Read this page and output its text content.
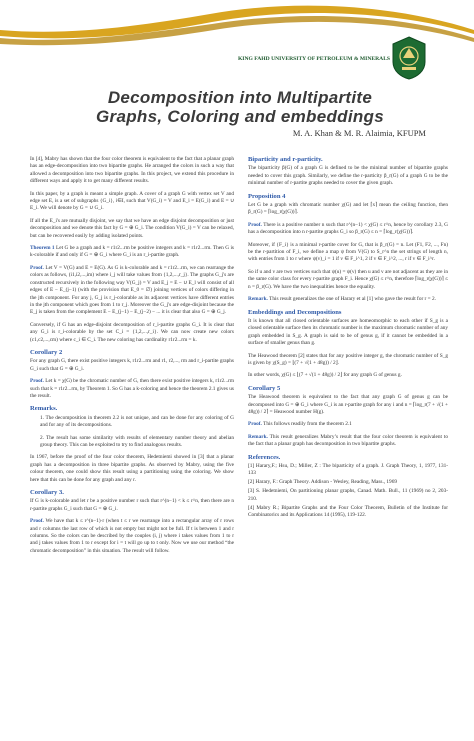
KING FAHD UNIVERSITY OF PETROLEUM & MINERALS
Decomposition into Multipartite
Graphs, Coloring and embeddings
M. A. Khan & M. R. Alaimia, KFUPM

In [4], Mabry has shown that the four color theorem is equivalent to the fact that a planar graph has an edge-decomposition into two bipartite graphs. He arranged the colors in such a way that allowed a decomposition into two bipartite graphs. In this project, we extend this procedure in different ways and apply it to get many different results.

In this paper, by a graph is meant a simple graph. A cover of a graph G with vertex set V and edge set E, is a set of subgraphs {G_i}, i∈I, such that V(G_i) = V and E_i = E(G_i) and E = ∪ E_i. We will denote by G = ∪ G_i.

If all the E_i's are mutually disjoint, we say that we have an edge disjoint decomposition or just decomposition and we denote this fact by G = ⊕ G_i. The condition V(G_i) = V can be relaxed, but can be recovered easily by adding isolated points.

Theorem 1 Let G be a graph and k = r1r2...rm be positive integers and k = r1r2...rm. Then G is k-colorable if and only if G = ⊕ G_i where G_i is an r_i-partite graph.

Proof. Let V = V(G) and E = E(G). As G is k-colorable and k = r1r2...rm, we can rearrange the colors as follows, (i1,i2,...,im) where i_j will take values from {1,2,...,r_j}. The graphs G_j's are constructed recursively in the following way V(G_j) = V and E_j = E − ∪ E_l will consist of all edges of E − E_(j−1) (with the provision that E_0 = ∅) joining vertices of colors differing in the jth component. For any j, G_j is r_j-colorable as its adjacent vertices have different entries in the jth component which goes from 1 to r_j. Moreover the G_j's are edge-disjoint because the E_j is taken from the complement E − E_(j−1) − E_(j−2) − ... it is clear that also G = ⊕ G_j.

Conversely, if G has an edge-disjoint decomposition of r_i-partite graphs G_i. It is clear that any G_i is r_i-colorable by the set C_i = {1,2,...,r_i}. We can now create new colors (c1,c2,...,cm) where c_i ∈ C_i. The new coloring has cardinality r1r2...rm = k.

Corollary 2

For any graph G, there exist positive integers k, r1r2...rm and r1, r2,..., rm and r_i-partite graphs G_i such that G = ⊕ G_i.

Proof. Let k = χ(G) be the chromatic number of G, then there exist positive integers k, r1r2...rm such that k = r1r2...rm, by Theorem 1. So G has a k-coloring and hence the theorem 2.1 gives us the result.

Remarks.

1. The decomposition in theorem 2.2 is not unique, and can be done for any coloring of G and for any of its decompositions.

2. The result has some similarity with results of elementary number theory and abelian group theory. This can be exploited to try to find analogous results.

In 1967, before the proof of the four color theorem, Hedetniemi showed in [3] that a planar graph has a decomposition in three bipartite graphs. As observed by Mabry, using the five colour theorem, one could show this result using a partitioning using the coloring. We show here that this can be done for any graph and any r.

Corollary 3.

If G is k-colorable and let r be a positive number r such that r^(n−1) < k ≤ r^n, then there are n r-partite graphs G_i such that G = ⊕ G_i.

Proof. We have that k ≤ r^(n−1)·r (when t ≤ r we rearrange into a rectangular array of r rows and r columns the last row of which is not empty but might not be full. If t is between 1 and r columns. So the colors can be described by the couples (i, j) where i takes values from 1 to r and j takes values from 1 to r except for i = t will go up to t only. Now we use our method “the chromatic decomposition” in this situation. The result will follow.

Biparticity and r-particity.

The biparticity β(G) of a graph G is defined to be the minimal number of bipartite graphs needed to cover this graph. Similarly, we define the r-particity β_r(G) of a graph G to be the minimal number of r-partite graphs needed to cover the given graph.

Proposition 4

Let G be a graph with chromatic number χ(G) and let ⌈x⌉ mean the ceiling function, then β_r(G) = ⌈log_r(χ(G))⌉.

Proof. There is a positive number n such that r^(n−1) < χ(G) ≤ r^n, hence by corollary 2.3, G has a decomposition into n r-partite graphs G_i so β_r(G) ≤ n = ⌈log_r(χ(G))⌉.

Moreover, if {F_i} is a minimal r-partite cover for G, that is β_r(G) = n. Let (F1, F2, ..., Fn) be the r-partition of F_i, we define a map ψ from V(G) to S_r^n the set strings of length n, with entries from 1 to r where ψ(v)_i = 1 if v ∈ F_i^1, 2 if v ∈ F_i^2, ..., r if v ∈ F_i^r.

So if u and v are two vertices such that ψ(u) = ψ(v) then u and v are not adjacent as they are in the same color class for every r-partite graph F_i. Hence χ(G) ≤ r^n, therefore ⌈log_r(χ(G))⌉ ≤ n = β_r(G). We have the two inequalities hence the equality.

Remark. This result generalizes the one of Harary et al [1] who gave the result for r = 2.

Embeddings and Decompositions

It is known that all closed orientable surfaces are homeomorphic to each other if S_g is a closed orientable surface then its chromatic number is the maximum chromatic number of any graph embedded in S_g. A graph is said to be of genus g, if it cannot be embedded in a surface of smaller genus than g.

The Heawood theorem [2] states that for any positive integer g, the chromatic number of S_g is given by χ(S_g) = ⌊(7 + √(1 + 48g)) / 2⌋.

In other words, χ(G) ≤ ⌊(7 + √(1 + 48g)) / 2⌋ for any graph G of genus g.

Corollary 5

The Heawood theorem is equivalent to the fact that any graph G of genus g can be decomposed into G = ⊕ G_i where G_i is an r-partite graph for any i and n = ⌈log_r(7 + √(1 + 48g)) / 2⌉ = Heawood number H(g).

Proof. This follows readily from the theorem 2.1

Remark. This result generalizes Mabry’s result that the four color theorem is equivalent to the fact that a planar graph has decomposition in two bipartite graphs.

References.

[1] Harary,F.; Hsu, D.; Miller, Z : The biparticity of a graph. J. Graph Theory, 1, 1977, 131-133

[2] Harary, F.: Graph Theory. Addison - Wesley, Reading, Mass., 1969

[3] S. Hedetniemi, On partitioning planar graphs, Canad. Math. Bull., 11 (1969) no 2, 203-210.

[4] Mabry R.; Bipartite Graphs and the Four Color Theorem, Bulletin of the Institute for Combinatorics and its Applications 14 (1995), 119-122.
